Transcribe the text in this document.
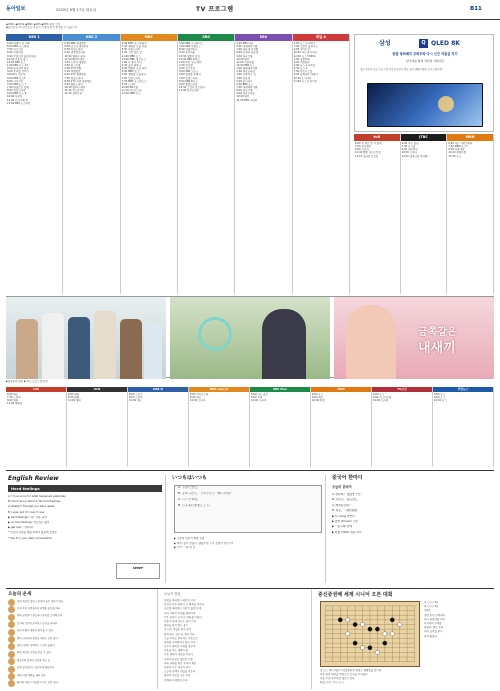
동아일보	2025년 6월 17일 화요일	TV 프로그램	B11

◆KBS1 ◆KBS2 ◆MBC ◆SBS ◆EBS 채널 안내

◆동아일보 tv 편성표는 방송사 사정에 따라 변경될 수 있습니다

KBS 1

5:00 새벽의 창 기획

6:00 KBS 뉴스광장

7:50 인간극장

8:25 아침마당

9:40 무엇이든 물어보세요

10:50 이웃집 찰스

12:00 KBS 뉴스

1:00 KBS 뉴스 12

2:00 한국인의 밥상

3:00 우리말 겨루기

4:00 6시 내고향

5:00 KBS 뉴스5

6:00 사사건건

7:00 KBS 뉴스 7

7:40 현장르포 동행

8:30 일일드라마

9:00 KBS 뉴스 9

10:00 다큐온

11:00 시사기획 창

11:50 KBS 뉴스라인

KBS 2

5:30 KBS 생생정보

6:00 굿모닝 대한민국

8:30 아침드라마

9:10 생생정보마당

10:30 영화가 좋다

11:50 해피투게더

1:20 드라마 재방송

2:40 편스토랑

4:00 TV유치원

5:10 생생정보

6:20 2TV 생생정보

7:50 일일드라마

8:30 2TV 저녁 생생정보

9:20 월화드라마

10:30 불후의 명곡

11:40 개그콘서트

12:40 심야토론

MBC

5:00 MBC 뉴스투데이

7:00 생방송 오늘 아침

8:30 아침드라마

9:30 기분 좋은 날

11:00 MBC 뉴스

12:00 MBC 정오뉴스

1:00 나 혼자 산다

2:30 놀면 뭐하니

4:00 생방송 오늘 저녁

5:00 MBC 뉴스

6:00 생방송 오늘저녁

7:05 일일드라마

7:55 MBC 뉴스데스크

8:50 드라마

10:00 PD수첩

11:10 라디오스타

12:20 MBC 뉴스

SBS

5:00 SBS 모닝와이드

7:00 SBS 아침뉴스

8:30 아침연속극

9:10 좋은아침

10:30 생활의 달인

12:00 SBS 12뉴스

1:00 미운 우리 새끼

2:30 런닝맨

4:00 순간포착

5:00 SBS 오뉴스

6:00 생방송 투데이

7:00 일일드라마

8:00 SBS 8뉴스

9:00 월화드라마

10:30 그것이 알고싶다

11:40 나이트라인

EBS

5:00 EBS 다큐

6:00 세계테마기행

7:00 딩동댕 유치원

8:00 모여라 딩동댕

9:00 한국기행

10:00 명의

11:00 극한직업

12:00 EBS 뉴스

1:00 세계테마기행

2:00 다큐프라임

3:00 건축탐구 집

4:00 딩동댕

5:00 보니하니

6:00 EBS 뉴스

7:00 세계테마기행

8:00 한국기행

9:00 다큐프라임

10:00 명의

11:00 EBS 시네마

채널 A

5:00 뉴스 A 라이브

7:00 김진의 돌직구쇼

9:00 천기누설

10:30 나는 몸신이다

12:00 뉴스 TOP10

1:50 강철부대

3:20 서민갑부

5:00 뉴스 A 라이브

6:30 뉴스 A

7:50 하트시그널

9:00 금쪽같은 내새끼

10:30 도시어부

11:50 뉴스 A 라이브

삼성	Q QLED 8K
한밤 쌍바베의 꼬박꼬박 다시 신인 작품을 지키
한국예술 협회 라인업 국제교류
정보 추진과 성공 프로그램 안내 삼성전자 제공 공익 캠페인 방송 프로그램 후원
tvN

6:00 유 퀴즈 온 더 블럭

7:50 삼시세끼

9:00 드라마

10:40 뿅뿅 지구오락실

12:10 놀라운 토요일

JTBC

6:00 아는 형님

7:40 뉴스룸

9:00 최강야구

10:30 드라마

12:00 냉장고를 부탁해

MBN

6:00 나는 자연인이다

7:50 MBN 뉴스7

9:00 특종세상

10:20 현역가왕

11:50 뉴스

금쪽같은
내새끼
▶방송화면 캡처 ▶ 주요 프로그램 안내
tvN

6:00 예능

7:30 드라마

9:00 영화

11:00 재방송

OCN

6:00 영화

8:30 영화

11:00 영화

KBS N

6:00 스포츠

8:00 드라마

10:00 예능

MBC every1

6:00 비디오스타

8:00 예능

10:00 드라마

SBS Plus

6:00 나는 솔로

8:00 연애

10:00 드라마

MBN

6:00 뉴스

8:00 예능

10:00 특집

TV조선

6:00 뉴스

8:00 미스터트롯

10:00 드라마

연합뉴스

6:00 뉴스

8:00 뉴스

10:00 뉴스

English Review
Hard feelings

A: I'm so sorry for what happened yesterday.

B: Don't worry about it. No hard feelings.

A: Really? I thought you were upset.

B: I was, but I'm over it now.

▶ hard feelings: 나쁜 감정, 원한

▶ no hard feelings: 악감정은 없어

▶ get over: 극복하다

* 오늘의 표현을 생활 속에서 활용해 보세요

* Use it in your daily conversation

SPEEF
いつもはいつも

A: 下ができた。

B: よかったら、うちでもう一杯いかが？

A: いいですね。

B: じゃあ行きましょう。

▶ 오늘의 일본어 회화 표현

▶ 해석: 일이 끝났다. 괜찮으면 우리 집에서 한잔 더?

▶ 단어: 一杯 한 잔

중국어 한마디
오늘의 중국어

A: 你好吗？ 最近忙不忙？

B: 还可以，有点儿忙。

A: 周末有空吗？

B: 有空，一起吃饭吧。

▶ 忙 máng 바쁘다

▶ 周末 zhōumò 주말

▶ 一起 yìqǐ 함께

▶ 吃饭 chīfàn 밥을 먹다

오늘의 운세

쥐띠 새로운 일에 도전하면 좋은 결과가 있다

소띠 주변 사람들과의 관계를 돌아볼 때다

범띠 금전운이 상승하니 투자를 고려해 보라

토끼띠 건강에 유의하고 휴식을 취하라

용띠 뜻밖의 행운이 찾아올 수 있다

뱀띠 신중하게 결정을 내리는 것이 좋다

말띠 가족과 함께하는 시간이 즐겁다

양띠 새로운 인연을 만날 수 있다

원숭이띠 일에서 성과를 얻는 날

닭띠 말조심하고 겸손하게 행동하라

개띠 여행 계획을 세워 보라

돼지띠 마음의 여유를 가지는 것이 좋다

오늘의 칼럼

세상을 바라보는 따뜻한 시선

일상의 작은 변화가 큰 행복을 만든다

서로를 배려하는 마음이 필요한 때

우리 사회의 미래를 생각하며

작은 실천이 모여 큰 변화를 이룬다

이웃과 함께 나누는 삶의 가치

희망을 잃지 않는 용기

더 나은 내일을 위한 준비

함께 걷는 길이 더 멀리 간다

오늘 하루도 감사하는 마음으로

변화를 두려워하지 않는 자세

모두가 행복한 사회를 꿈꾸며

마음을 여는 대화의 힘

작은 배려가 세상을 바꾼다

사랑과 관심이 필요한 이웃

미래 세대를 위한 우리의 책임

더불어 사는 세상의 의미

오늘의 선택이 내일을 만든다

희망의 씨앗을 심는 하루

함께라서 행복한 우리

중신증권배 세계 시니어 오픈 대회

흑 ○○○ 9단

백 ○○○ 9단

제1보

초반 포석 단계에서

흑이 좌상귀를 먼저

차지하며 우세를

점했다. 백은 우변

에서 실리를 추구

하며 맞섰다.

참고도: 백의 대응이 적절했다면 형세는 팽팽했을 것이다.

흑은 중앙 세력을 바탕으로 공격을 이어갔다.

다음 수순에 주목할 필요가 있다.

해설: 프로 기사 ○○○
